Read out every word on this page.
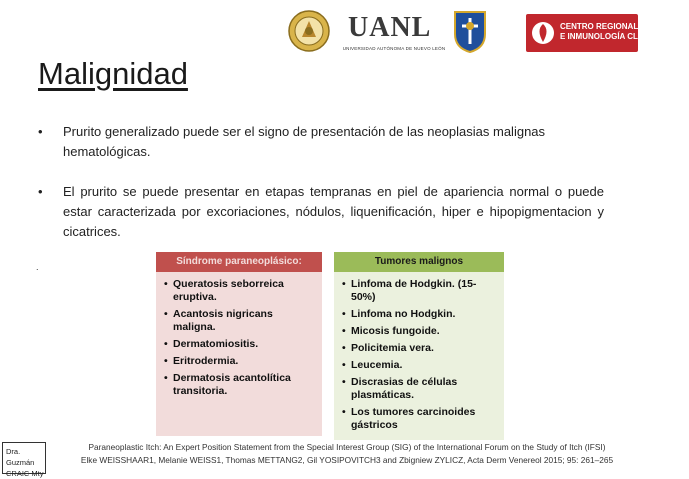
UANL
UNIVERSIDAD AUTÓNOMA DE NUEVO LEÓN
CENTRO REGIONAL DE ALERGIA
E INMUNOLOGÍA CLÍNICA
Malignidad
• Prurito generalizado puede ser el signo de presentación de las neoplasias malignas hematológicas.
• El prurito se puede presentar en etapas tempranas en piel de apariencia normal o puede estar caracterizada por excoriaciones, nódulos, liquenificación, hiper e hipopigmentacion y cicatrices.
.	Síndrome paraneoplásico:
• Queratosis seborreica eruptiva.
• Acantosis nigricans maligna.
• Dermatomiositis.
• Eritrodermia.
• Dermatosis acantolítica transitoria.
Tumores malignos
• Linfoma de Hodgkin. (15-50%)
• Linfoma no Hodgkin.
• Micosis fungoide.
• Policitemia vera.
• Leucemia.
• Discrasias de células plasmáticas.
• Los tumores carcinoides gástricos
Dra. Guzmán
CRAIC Mty
Paraneoplastic Itch: An Expert Position Statement from the Special Interest Group (SIG) of the International Forum on the Study of Itch (IFSI)
Elke WEISSHAAR1, Melanie WEISS1, Thomas METTANG2, Gil YOSIPOVITCH3 and Zbigniew ZYLICZ, Acta Derm Venereol 2015; 95: 261–265
